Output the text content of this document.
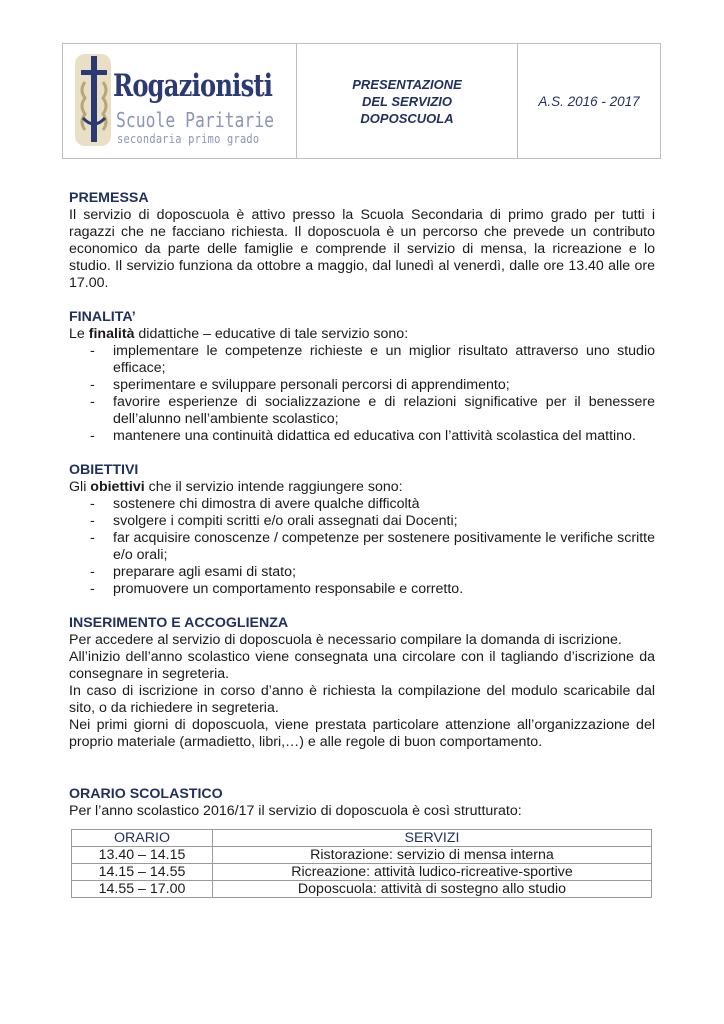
Rogazionisti
Scuole Paritarie
secondaria primo grado
PRESENTAZIONE
DEL SERVIZIO
DOPOSCUOLA
A.S. 2016 - 2017
PREMESSA
Il servizio di doposcuola è attivo presso la Scuola Secondaria di primo grado per tutti i ragazzi che ne facciano richiesta. Il doposcuola è un percorso che prevede un contributo economico da parte delle famiglie e comprende il servizio di mensa, la ricreazione e lo studio. Il servizio funziona da ottobre a maggio, dal lunedì al venerdì, dalle ore 13.40 alle ore 17.00.
FINALITA’
Le finalità didattiche – educative di tale servizio sono:
- implementare le competenze richieste e un miglior risultato attraverso uno studio efficace;
- sperimentare e sviluppare personali percorsi di apprendimento;
- favorire esperienze di socializzazione e di relazioni significative per il benessere dell’alunno nell’ambiente scolastico;
- mantenere una continuità didattica ed educativa con l’attività scolastica del mattino.
OBIETTIVI
Gli obiettivi che il servizio intende raggiungere sono:
- sostenere chi dimostra di avere qualche difficoltà
- svolgere i compiti scritti e/o orali assegnati dai Docenti;
- far acquisire conoscenze / competenze per sostenere positivamente le verifiche scritte e/o orali;
- preparare agli esami di stato;
- promuovere un comportamento responsabile e corretto.
INSERIMENTO E ACCOGLIENZA
Per accedere al servizio di doposcuola è necessario compilare la domanda di iscrizione.
All’inizio dell’anno scolastico viene consegnata una circolare con il tagliando d’iscrizione da consegnare in segreteria.
In caso di iscrizione in corso d’anno è richiesta la compilazione del modulo scaricabile dal sito, o da richiedere in segreteria.
Nei primi giorni di doposcuola, viene prestata particolare attenzione all’organizzazione del proprio materiale (armadietto, libri,…) e alle regole di buon comportamento.
ORARIO SCOLASTICO
Per l’anno scolastico 2016/17 il servizio di doposcuola è così strutturato:
ORARIO	SERVIZI
13.40 – 14.15	Ristorazione: servizio di mensa interna
14.15 – 14.55	Ricreazione: attività ludico-ricreative-sportive
14.55 – 17.00	Doposcuola: attività di sostegno allo studio
